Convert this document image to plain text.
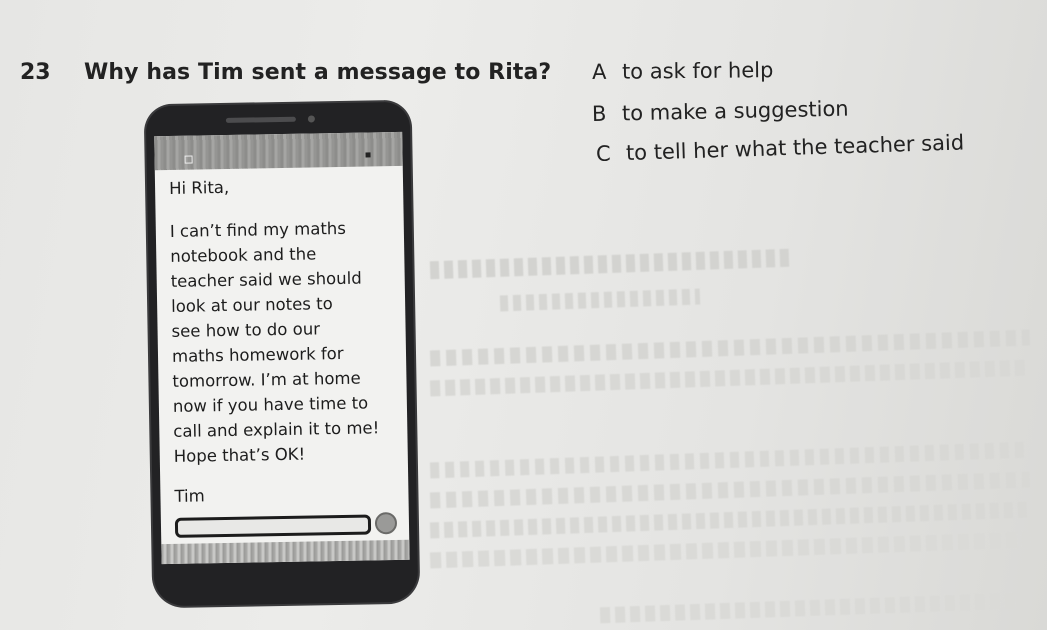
23 Why has Tim sent a message to Rita? A to ask for help
B to make a suggestion
C to tell her what the teacher said

Hi Rita,

I can’t find my maths

notebook and the

teacher said we should

look at our notes to

see how to do our

maths homework for

tomorrow. I’m at home

now if you have time to

call and explain it to me!

Hope that’s OK!

Tim
